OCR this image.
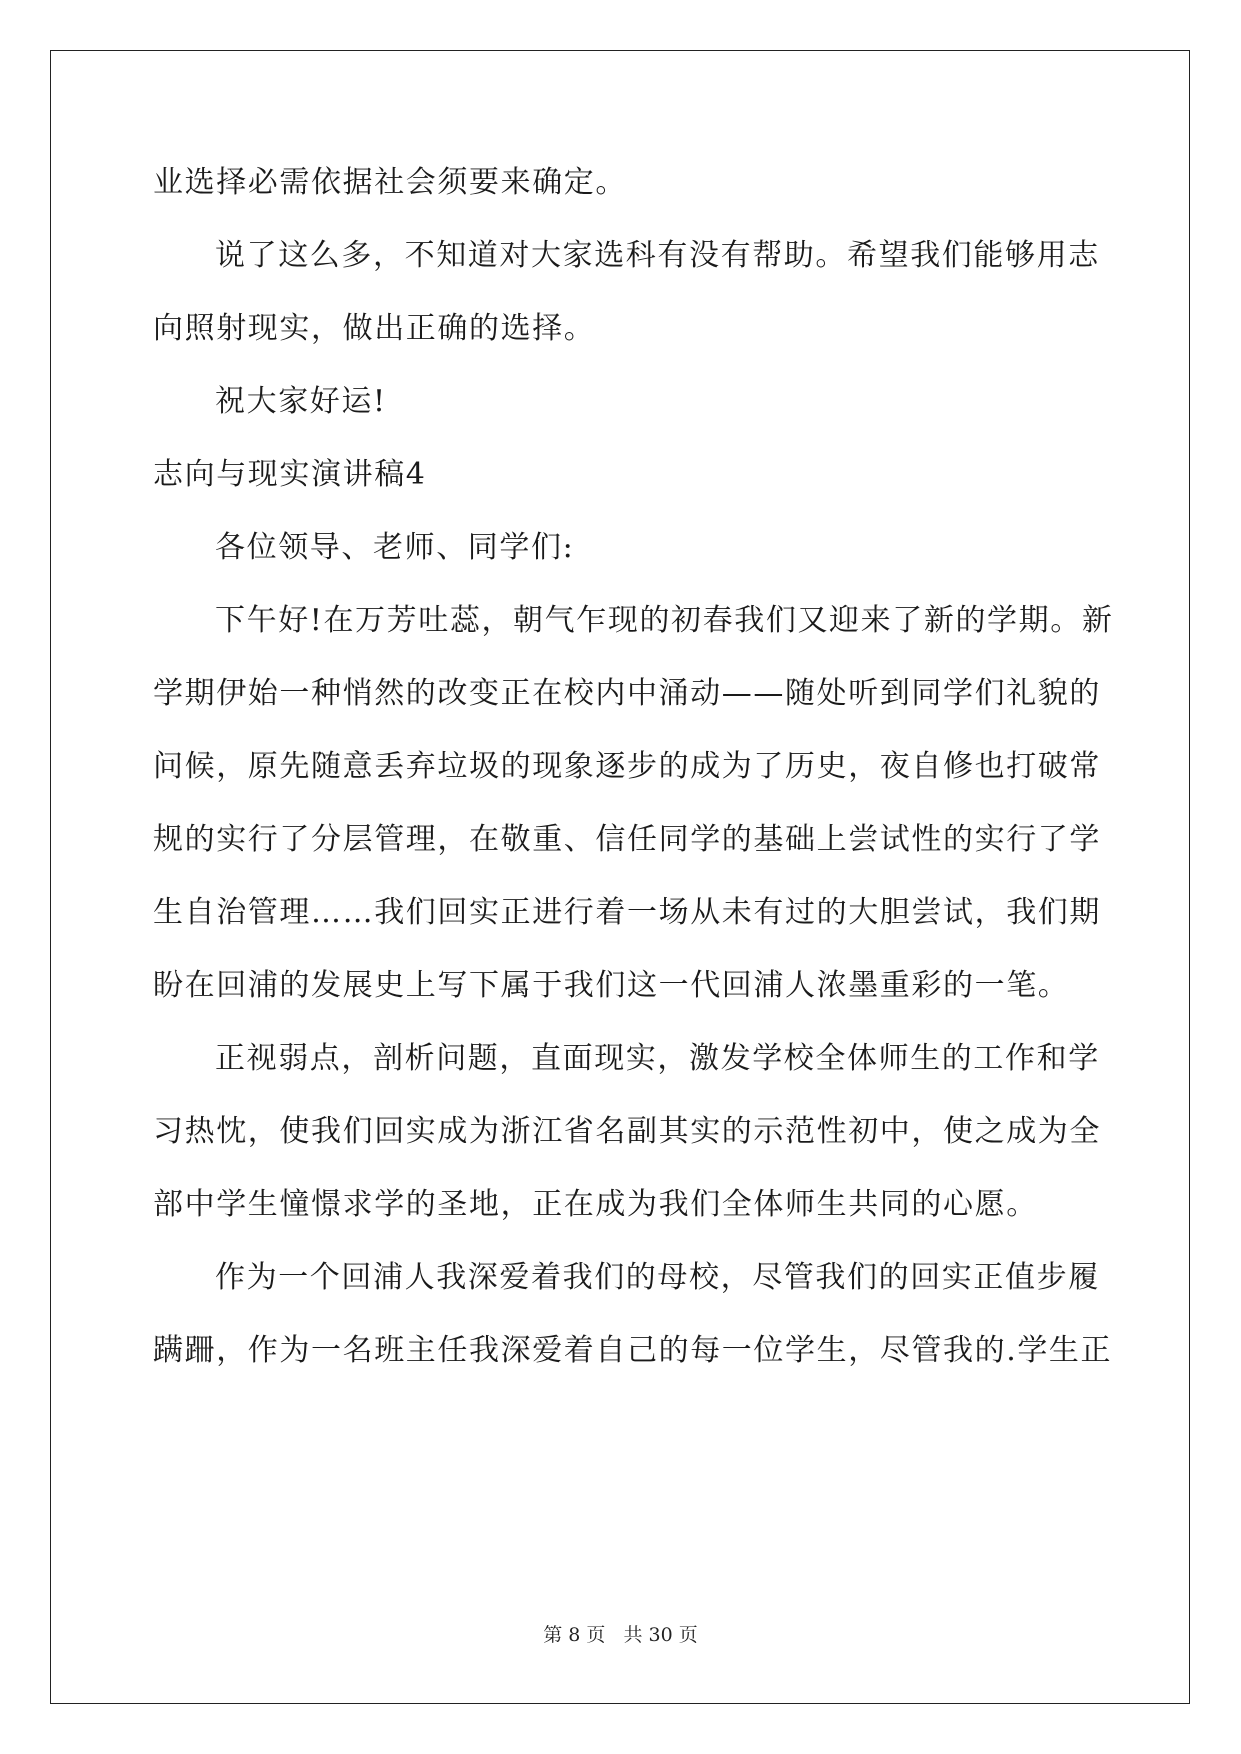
业选择必需依据社会须要来确定。
说了这么多，不知道对大家选科有没有帮助。希望我们能够用志
向照射现实，做出正确的选择。
祝大家好运!
志向与现实演讲稿4
各位领导、老师、同学们:
下午好!在万芳吐蕊，朝气乍现的初春我们又迎来了新的学期。新
学期伊始一种悄然的改变正在校内中涌动——随处听到同学们礼貌的
问候，原先随意丢弃垃圾的现象逐步的成为了历史，夜自修也打破常
规的实行了分层管理，在敬重、信任同学的基础上尝试性的实行了学
生自治管理……我们回实正进行着一场从未有过的大胆尝试，我们期
盼在回浦的发展史上写下属于我们这一代回浦人浓墨重彩的一笔。
正视弱点，剖析问题，直面现实，激发学校全体师生的工作和学
习热忱，使我们回实成为浙江省名副其实的示范性初中，使之成为全
部中学生憧憬求学的圣地，正在成为我们全体师生共同的心愿。
作为一个回浦人我深爱着我们的母校，尽管我们的回实正值步履
蹒跚，作为一名班主任我深爱着自己的每一位学生，尽管我的.学生正
第 8 页 共 30 页
